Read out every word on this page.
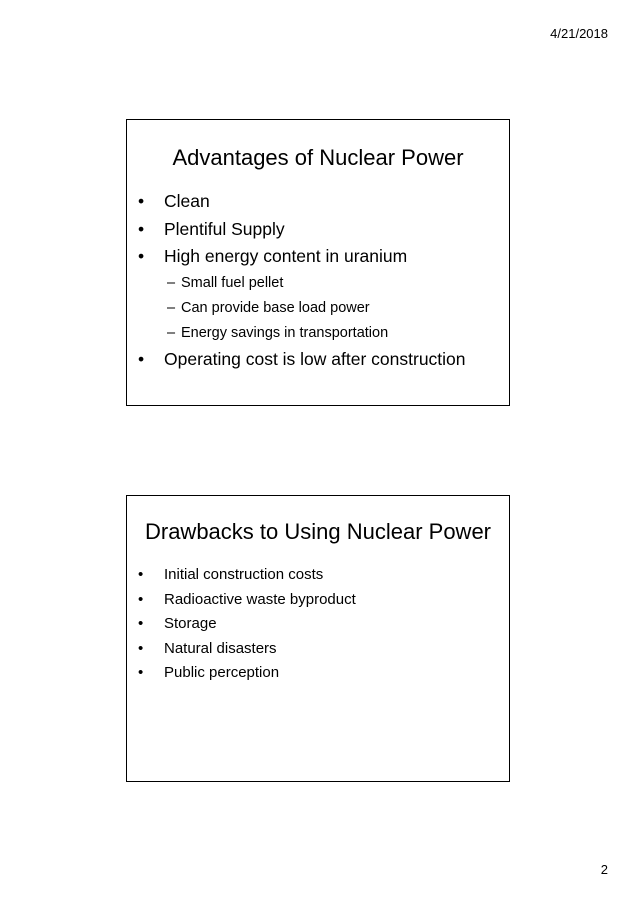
4/21/2018
Advantages of Nuclear Power
•	Clean
•	Plentiful Supply
•	High energy content in uranium
– Small fuel pellet
– Can provide base load power
– Energy savings in transportation
•	Operating cost is low after construction
Drawbacks to Using Nuclear Power
•	Initial construction costs
•	Radioactive waste byproduct
•	Storage
•	Natural disasters
•	Public perception
2
